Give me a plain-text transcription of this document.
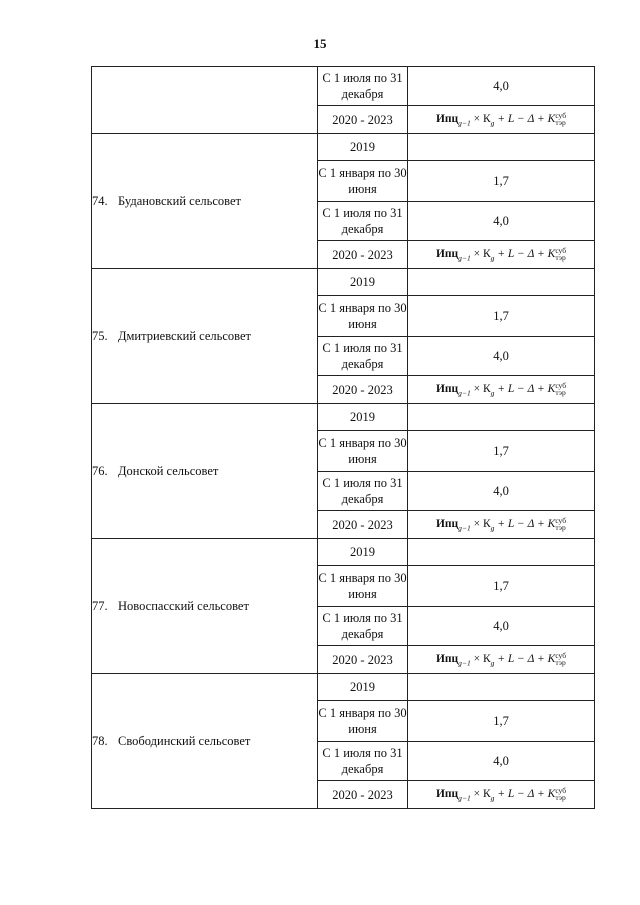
15
	С 1 июля по 31 декабря	4,0
	2020 - 2023	$Ипц_{g-1} \times К_g + L - \Delta$ + Kсуб
тэр
74. Будановский сельсовет	2019	
	С 1 января по 30 июня	1,7
	С 1 июля по 31 декабря	4,0
	2020 - 2023	$Ипц_{g-1} \times К_g + L - \Delta$ + Kсуб
тэр
75. Дмитриевский сельсовет	2019	
	С 1 января по 30 июня	1,7
	С 1 июля по 31 декабря	4,0
	2020 - 2023	$Ипц_{g-1} \times К_g + L - \Delta$ + Kсуб
тэр
76. Донской сельсовет	2019	
	С 1 января по 30 июня	1,7
	С 1 июля по 31 декабря	4,0
	2020 - 2023	$Ипц_{g-1} \times К_g + L - \Delta$ + Kсуб
тэр
77. Новоспасский сельсовет	2019	
	С 1 января по 30 июня	1,7
	С 1 июля по 31 декабря	4,0
	2020 - 2023	$Ипц_{g-1} \times К_g + L - \Delta$ + Kсуб
тэр
78. Свободинский сельсовет	2019	
	С 1 января по 30 июня	1,7
	С 1 июля по 31 декабря	4,0
	2020 - 2023	$Ипц_{g-1} \times К_g + L - \Delta$ + Kсуб
тэр
